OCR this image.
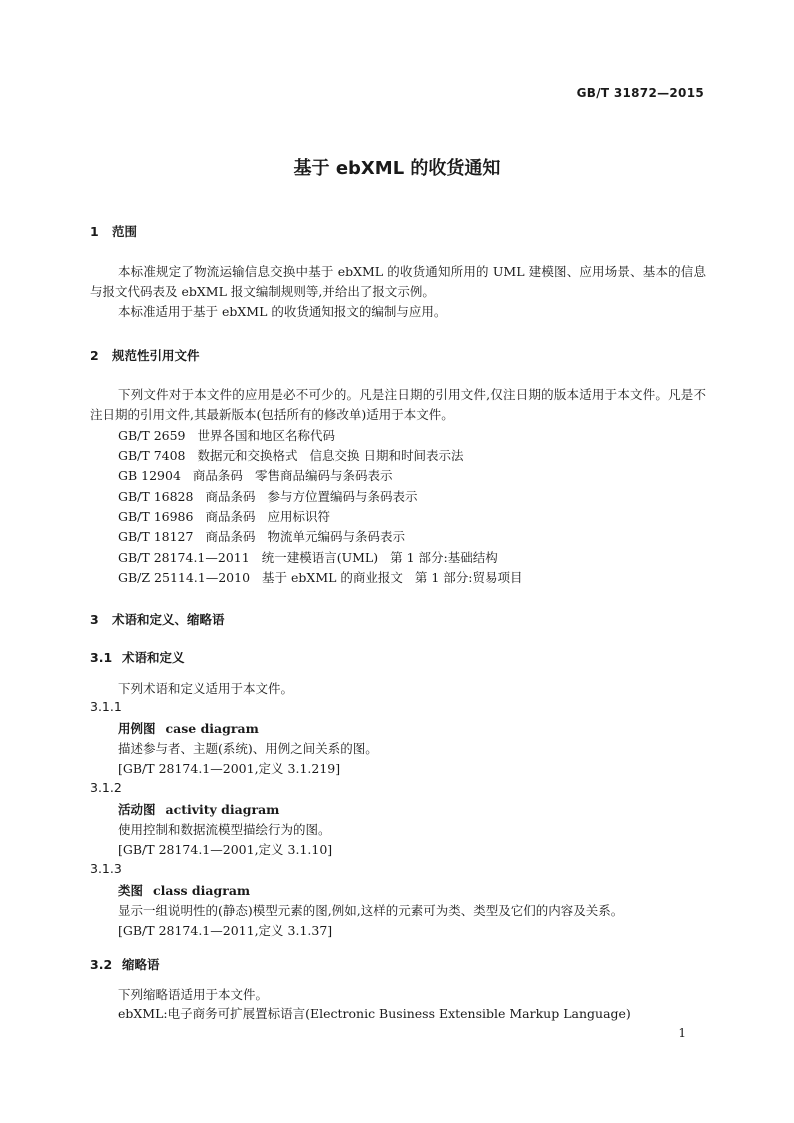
GB/T 31872—2015
基于 ebXML 的收货通知
1 范围
本标准规定了物流运输信息交换中基于 ebXML 的收货通知所用的 UML 建模图、应用场景、基本的信息与报文代码表及 ebXML 报文编制规则等,并给出了报文示例。
本标准适用于基于 ebXML 的收货通知报文的编制与应用。
2 规范性引用文件
下列文件对于本文件的应用是必不可少的。凡是注日期的引用文件,仅注日期的版本适用于本文件。凡是不注日期的引用文件,其最新版本(包括所有的修改单)适用于本文件。
GB/T 2659 世界各国和地区名称代码
GB/T 7408 数据元和交换格式 信息交换 日期和时间表示法
GB 12904 商品条码 零售商品编码与条码表示
GB/T 16828 商品条码 参与方位置编码与条码表示
GB/T 16986 商品条码 应用标识符
GB/T 18127 商品条码 物流单元编码与条码表示
GB/T 28174.1—2011 统一建模语言(UML) 第 1 部分:基础结构
GB/Z 25114.1—2010 基于 ebXML 的商业报文 第 1 部分:贸易项目
3 术语和定义、缩略语
3.1 术语和定义
下列术语和定义适用于本文件。
3.1.1
用例图 case diagram
描述参与者、主题(系统)、用例之间关系的图。
[GB/T 28174.1—2001,定义 3.1.219]
3.1.2
活动图 activity diagram
使用控制和数据流模型描绘行为的图。
[GB/T 28174.1—2001,定义 3.1.10]
3.1.3
类图 class diagram
显示一组说明性的(静态)模型元素的图,例如,这样的元素可为类、类型及它们的内容及关系。
[GB/T 28174.1—2011,定义 3.1.37]
3.2 缩略语
下列缩略语适用于本文件。
ebXML:电子商务可扩展置标语言(Electronic Business Extensible Markup Language)
1
